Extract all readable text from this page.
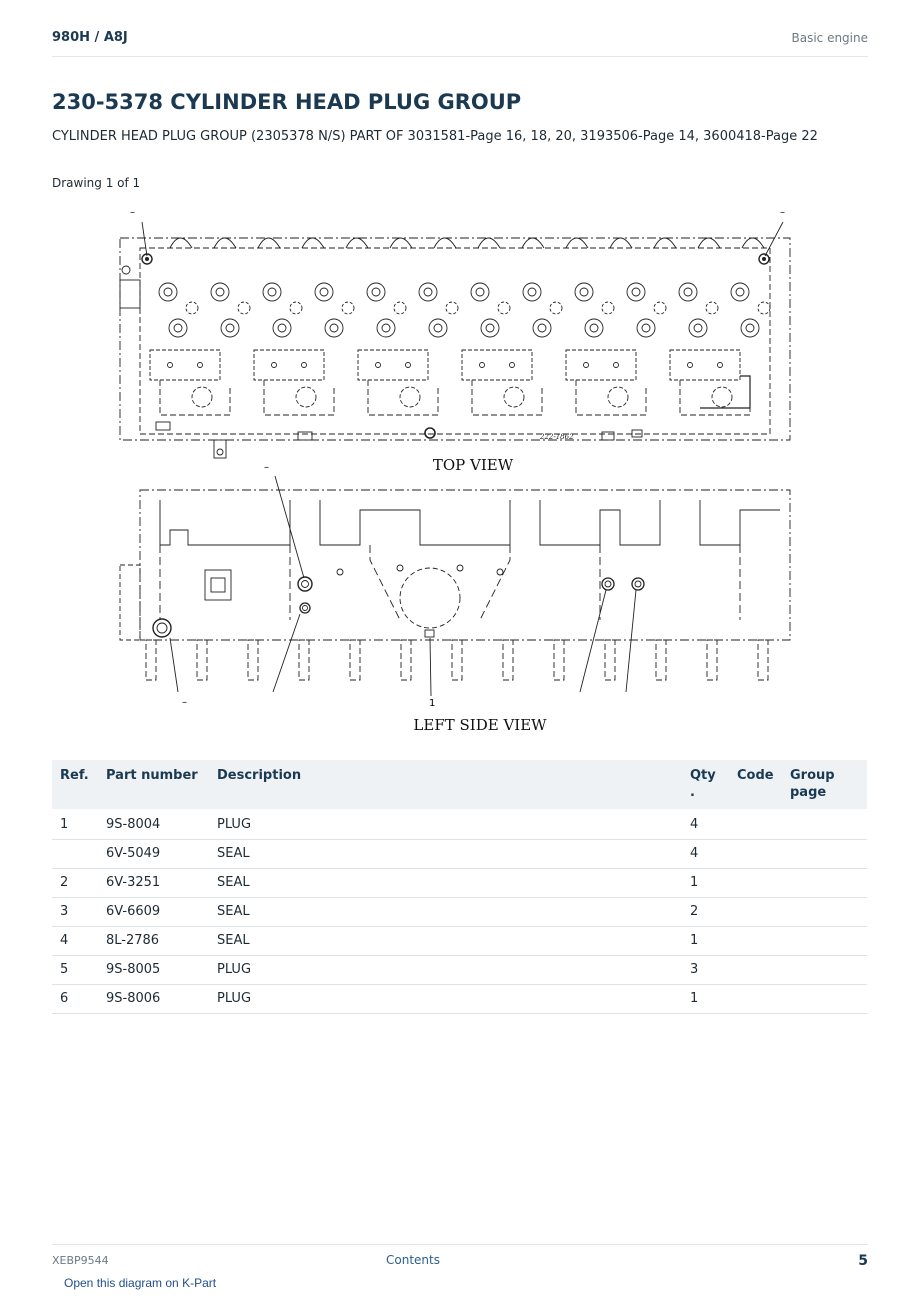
980H / A8J	Basic engine
230-5378 CYLINDER HEAD PLUG GROUP
CYLINDER HEAD PLUG GROUP (2305378 N/S) PART OF 3031581-Page 16, 18, 20, 3193506-Page 14, 3600418-Page 22
Drawing 1 of 1
–	–
–
–	1
222-1862
TOP VIEW
LEFT SIDE VIEW
Ref.	Part number	Description	Qty .	Code	Group page
1	9S-8004	PLUG	4		
	6V-5049	SEAL	4		
2	6V-3251	SEAL	1		
3	6V-6609	SEAL	2		
4	8L-2786	SEAL	1		
5	9S-8005	PLUG	3		
6	9S-8006	PLUG	1		
XEBP9544	Contents	5
Open this diagram on K-Part
